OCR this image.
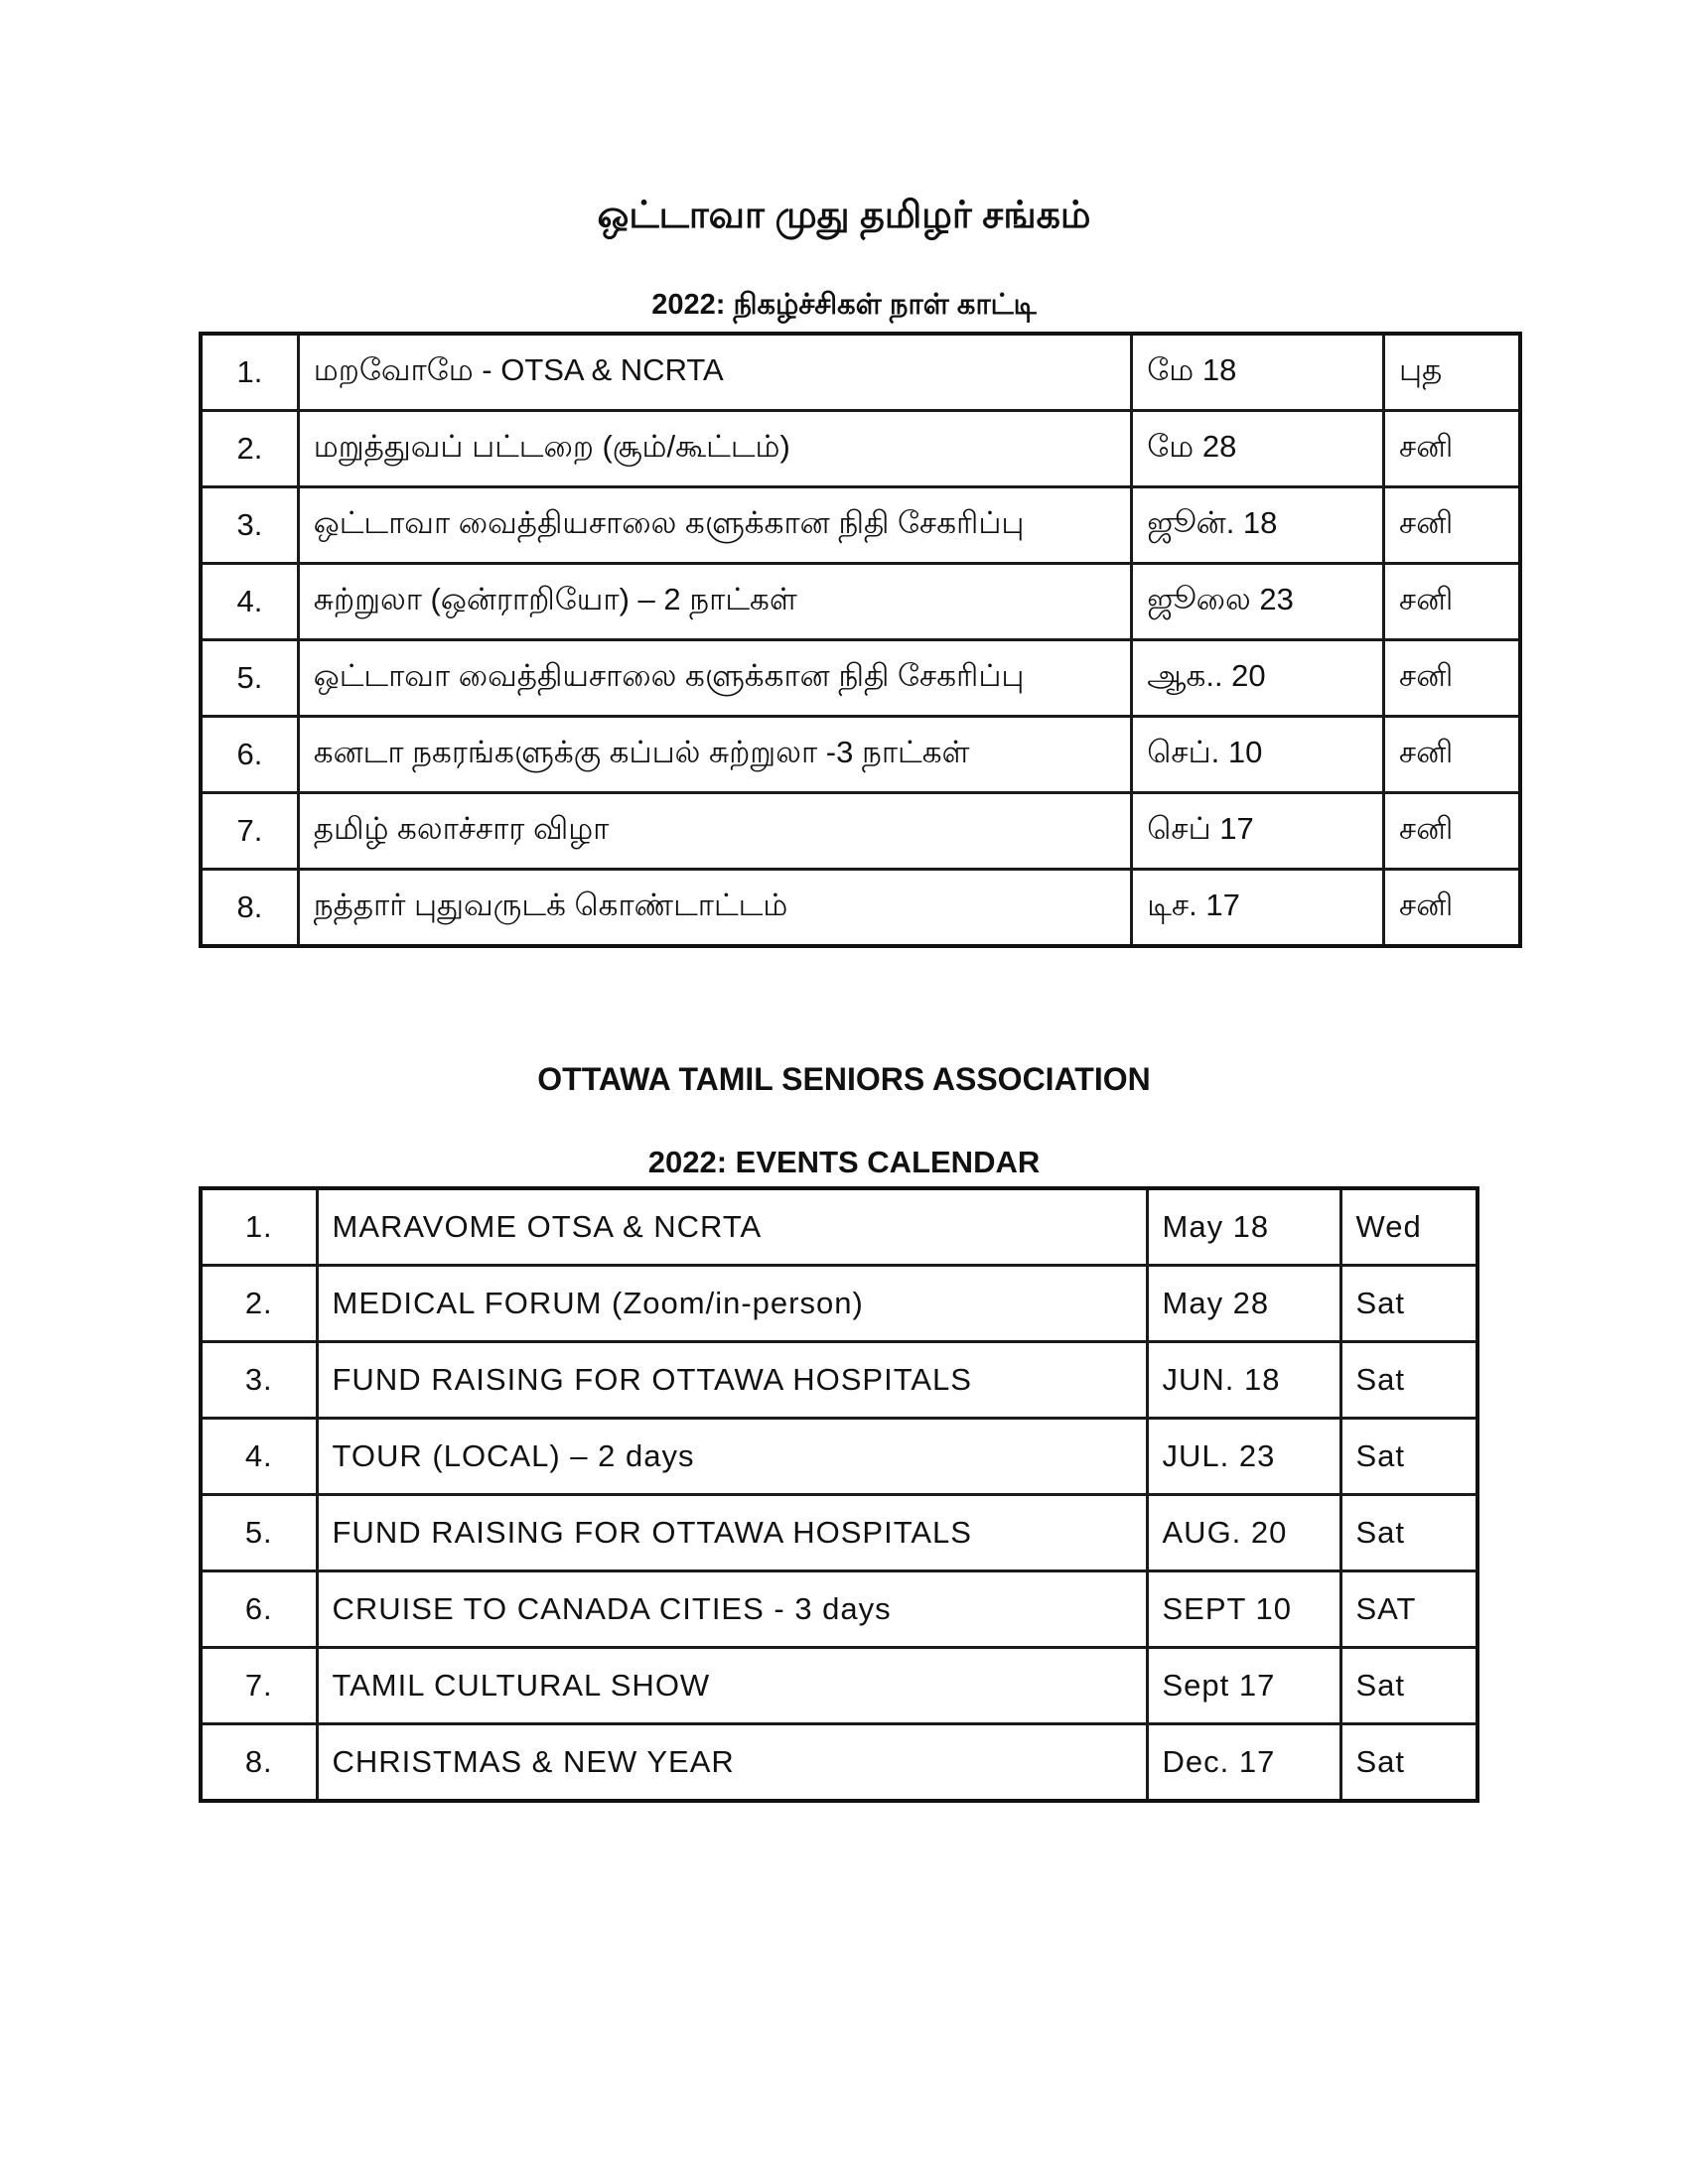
ஒட்டாவா முது தமிழர் சங்கம்
2022: நிகழ்ச்சிகள் நாள் காட்டி
1.	மறவோமே - OTSA & NCRTA	மே 18	புத
2.	மறுத்துவப் பட்டறை (சூம்/கூட்டம்)	மே 28	சனி
3.	ஒட்டாவா வைத்தியசாலை களுக்கான நிதி சேகரிப்பு	ஜூன். 18	சனி
4.	சுற்றுலா (ஒன்ராறியோ) – 2 நாட்கள்	ஜூலை 23	சனி
5.	ஒட்டாவா வைத்தியசாலை களுக்கான நிதி சேகரிப்பு	ஆக.. 20	சனி
6.	கனடா நகரங்களுக்கு கப்பல் சுற்றுலா -3 நாட்கள்	செப். 10	சனி
7.	தமிழ் கலாச்சார விழா	செப் 17	சனி
8.	நத்தார் புதுவருடக் கொண்டாட்டம்	டிச. 17	சனி
OTTAWA TAMIL SENIORS ASSOCIATION
2022: EVENTS CALENDAR
1.	MARAVOME OTSA & NCRTA	May 18	Wed
2.	MEDICAL FORUM (Zoom/in-person)	May 28	Sat
3.	FUND RAISING FOR OTTAWA HOSPITALS	JUN. 18	Sat
4.	TOUR (LOCAL) – 2 days	JUL. 23	Sat
5.	FUND RAISING FOR OTTAWA HOSPITALS	AUG. 20	Sat
6.	CRUISE TO CANADA CITIES - 3 days	SEPT 10	SAT
7.	TAMIL CULTURAL SHOW	Sept 17	Sat
8.	CHRISTMAS & NEW YEAR	Dec. 17	Sat
